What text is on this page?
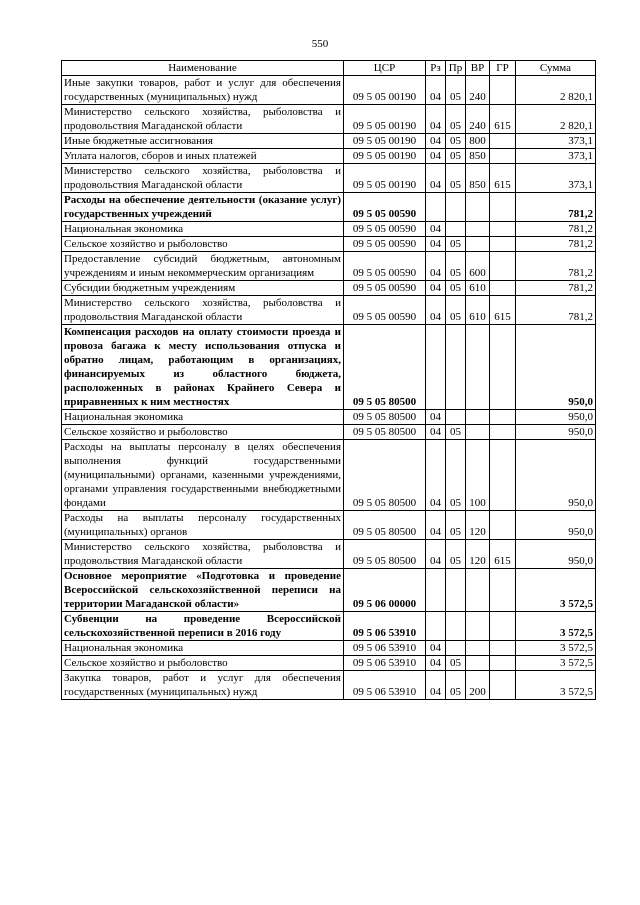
550
Наименование	ЦСР	Рз	Пр	ВР	ГР	Сумма
Иные закупки товаров, работ и услуг для обеспечения государственных (муниципальных) нужд	09 5 05 00190	04	05	240		2 820,1
Министерство сельского хозяйства, рыболовства и продовольствия Магаданской области	09 5 05 00190	04	05	240	615	2 820,1
Иные бюджетные ассигнования	09 5 05 00190	04	05	800		373,1
Уплата налогов, сборов и иных платежей	09 5 05 00190	04	05	850		373,1
Министерство сельского хозяйства, рыболовства и продовольствия Магаданской области	09 5 05 00190	04	05	850	615	373,1
Расходы на обеспечение деятельности (оказание услуг) государственных учреждений	09 5 05 00590					781,2
Национальная экономика	09 5 05 00590	04				781,2
Сельское хозяйство и рыболовство	09 5 05 00590	04	05			781,2
Предоставление субсидий бюджетным, автономным учреждениям и иным некоммерческим организациям	09 5 05 00590	04	05	600		781,2
Субсидии бюджетным учреждениям	09 5 05 00590	04	05	610		781,2
Министерство сельского хозяйства, рыболовства и продовольствия Магаданской области	09 5 05 00590	04	05	610	615	781,2
Компенсация расходов на оплату стоимости проезда и провоза багажа к месту использования отпуска и обратно лицам, работающим в организациях, финансируемых из областного бюджета, расположенных в районах Крайнего Севера и приравненных к ним местностях	09 5 05 80500					950,0
Национальная экономика	09 5 05 80500	04				950,0
Сельское хозяйство и рыболовство	09 5 05 80500	04	05			950,0
Расходы на выплаты персоналу в целях обеспечения выполнения функций государственными (муниципальными) органами, казенными учреждениями, органами управления государственными внебюджетными фондами	09 5 05 80500	04	05	100		950,0
Расходы на выплаты персоналу государственных (муниципальных) органов	09 5 05 80500	04	05	120		950,0
Министерство сельского хозяйства, рыболовства и продовольствия Магаданской области	09 5 05 80500	04	05	120	615	950,0
Основное мероприятие «Подготовка и проведение Всероссийской сельскохозяйственной переписи на территории Магаданской области»	09 5 06 00000					3 572,5
Субвенции на проведение Всероссийской сельскохозяйственной переписи в 2016 году	09 5 06 53910					3 572,5
Национальная экономика	09 5 06 53910	04				3 572,5
Сельское хозяйство и рыболовство	09 5 06 53910	04	05			3 572,5
Закупка товаров, работ и услуг для обеспечения государственных (муниципальных) нужд	09 5 06 53910	04	05	200		3 572,5
